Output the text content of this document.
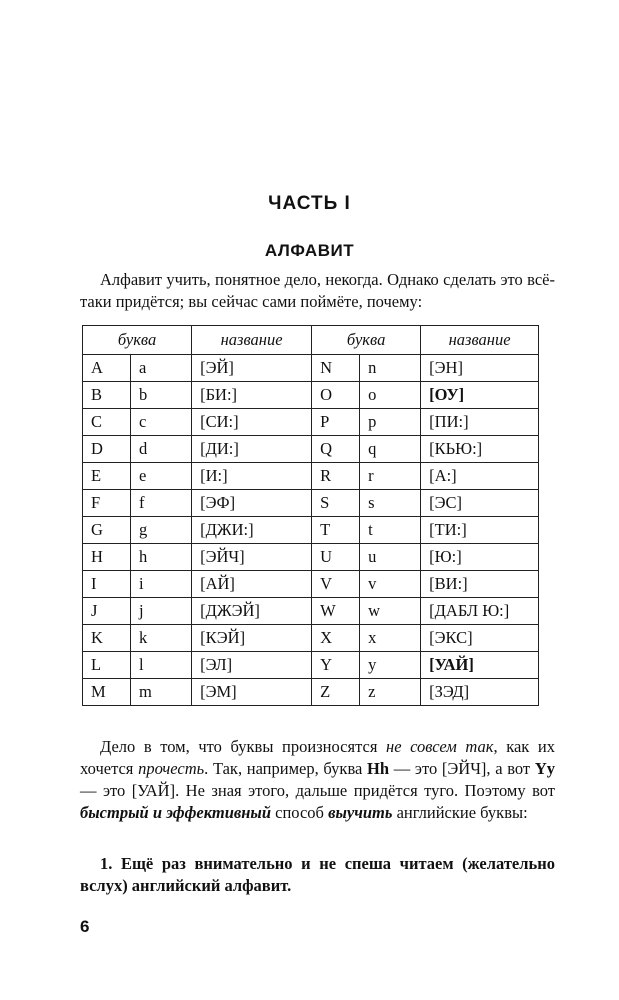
ЧАСТЬ I
АЛФАВИТ

Алфавит учить, понятное дело, некогда. Однако сделать это всё-таки придётся; вы сейчас сами поймёте, почему:

буква		название	буква		название
A	a	[ЭЙ]	N	n	[ЭН]
B	b	[БИ:]	O	o	[ОУ]
C	c	[СИ:]	P	p	[ПИ:]
D	d	[ДИ:]	Q	q	[КЬЮ:]
E	e	[И:]	R	r	[А:]
F	f	[ЭФ]	S	s	[ЭС]
G	g	[ДЖИ:]	T	t	[ТИ:]
H	h	[ЭЙЧ]	U	u	[Ю:]
I	i	[АЙ]	V	v	[ВИ:]
J	j	[ДЖЭЙ]	W	w	[ДАБЛ Ю:]
K	k	[КЭЙ]	X	x	[ЭКС]
L	l	[ЭЛ]	Y	y	[УАЙ]
M	m	[ЭМ]	Z	z	[ЗЭД]

Дело в том, что буквы произносятся не совсем так, как их хочется прочесть. Так, например, буква Hh — это [ЭЙЧ], а вот Yy — это [УАЙ]. Не зная этого, дальше придётся туго. Поэтому вот быстрый и эффективный способ выучить английские буквы:

1. Ещё раз внимательно и не спеша читаем (желательно вслух) английский алфавит.

6
